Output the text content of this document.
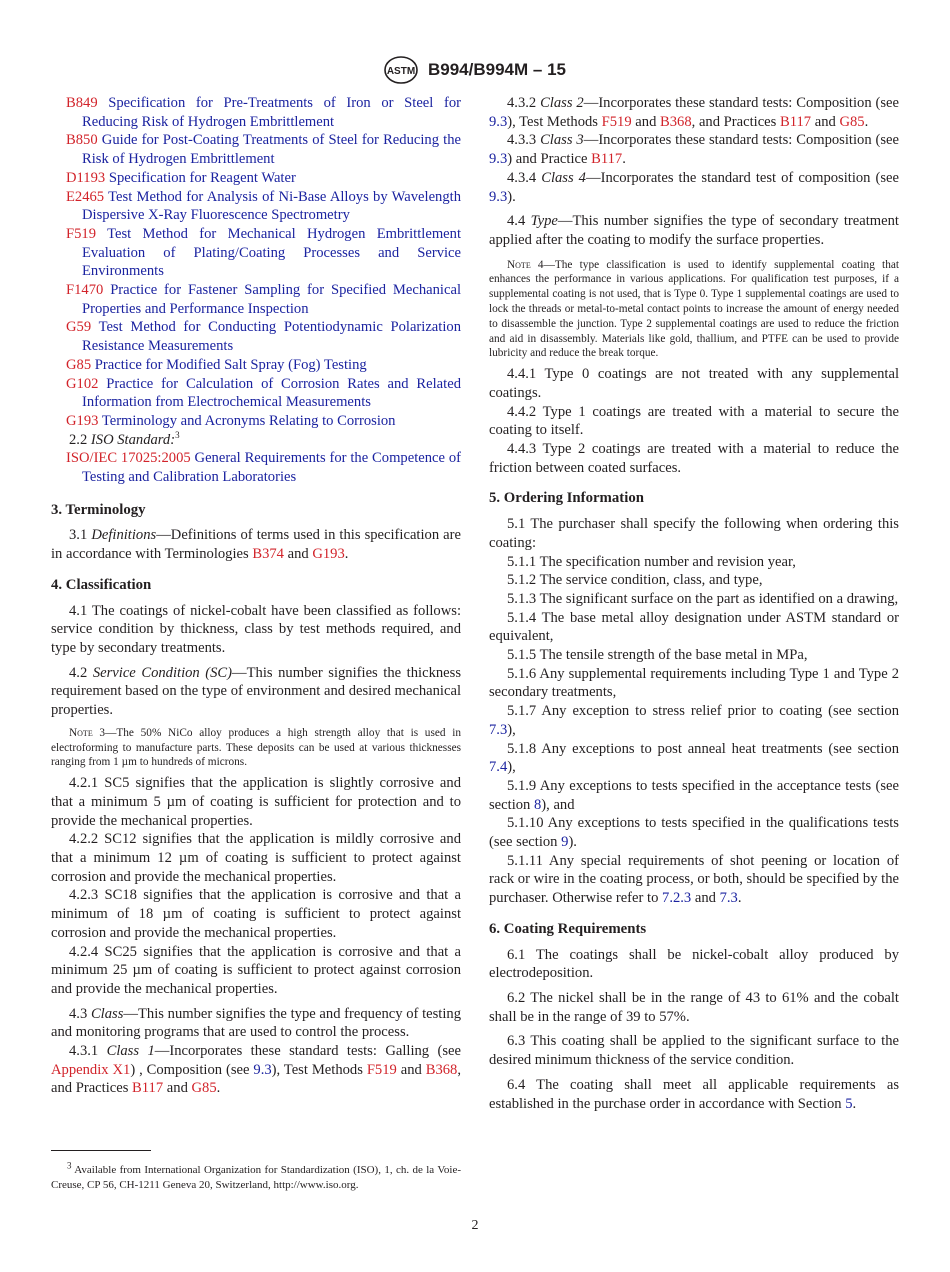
ASTM B994/B994M – 15

B849 Specification for Pre-Treatments of Iron or Steel for Reducing Risk of Hydrogen Embrittlement

B850 Guide for Post-Coating Treatments of Steel for Reducing the Risk of Hydrogen Embrittlement

D1193 Specification for Reagent Water

E2465 Test Method for Analysis of Ni-Base Alloys by Wavelength Dispersive X-Ray Fluorescence Spectrometry

F519 Test Method for Mechanical Hydrogen Embrittlement Evaluation of Plating/Coating Processes and Service Environments

F1470 Practice for Fastener Sampling for Specified Mechanical Properties and Performance Inspection

G59 Test Method for Conducting Potentiodynamic Polarization Resistance Measurements

G85 Practice for Modified Salt Spray (Fog) Testing

G102 Practice for Calculation of Corrosion Rates and Related Information from Electrochemical Measurements

G193 Terminology and Acronyms Relating to Corrosion

2.2 ISO Standard:$^3$

ISO/IEC 17025:2005 General Requirements for the Competence of Testing and Calibration Laboratories

3. Terminology

3.1 Definitions—Definitions of terms used in this specification are in accordance with Terminologies B374 and G193.

4. Classification

4.1 The coatings of nickel-cobalt have been classified as follows: service condition by thickness, class by test methods required, and type by secondary treatments.

4.2 Service Condition (SC)—This number signifies the thickness requirement based on the type of environment and desired mechanical properties.

Note 3—The 50% NiCo alloy produces a high strength alloy that is used in electroforming to manufacture parts. These deposits can be used at various thicknesses ranging from 1 µm to hundreds of microns.

4.2.1 SC5 signifies that the application is slightly corrosive and that a minimum 5 µm of coating is sufficient for protection and to provide the mechanical properties.

4.2.2 SC12 signifies that the application is mildly corrosive and that a minimum 12 µm of coating is sufficient to protect against corrosion and provide the mechanical properties.

4.2.3 SC18 signifies that the application is corrosive and that a minimum of 18 µm of coating is sufficient to protect against corrosion and provide the mechanical properties.

4.2.4 SC25 signifies that the application is corrosive and that a minimum 25 µm of coating is sufficient to protect against corrosion and provide the mechanical properties.

4.3 Class—This number signifies the type and frequency of testing and monitoring programs that are used to control the process.

4.3.1 Class 1—Incorporates these standard tests: Galling (see Appendix X1) , Composition (see 9.3), Test Methods F519 and B368, and Practices B117 and G85.

4.3.2 Class 2—Incorporates these standard tests: Composition (see 9.3), Test Methods F519 and B368, and Practices B117 and G85.

4.3.3 Class 3—Incorporates these standard tests: Composition (see 9.3) and Practice B117.

4.3.4 Class 4—Incorporates the standard test of composition (see 9.3).

4.4 Type—This number signifies the type of secondary treatment applied after the coating to modify the surface properties.

Note 4—The type classification is used to identify supplemental coating that enhances the performance in various applications. For qualification test purposes, if a supplemental coating is not used, that is Type 0. Type 1 supplemental coatings are used to lock the threads or metal-to-metal contact points to increase the amount of energy needed to disassemble the junction. Type 2 supplemental coatings are used to reduce the friction and aid in disassembly. Materials like gold, thallium, and PTFE can be used to provide lubricity and reduce the break torque.

4.4.1 Type 0 coatings are not treated with any supplemental coatings.

4.4.2 Type 1 coatings are treated with a material to secure the coating to itself.

4.4.3 Type 2 coatings are treated with a material to reduce the friction between coated surfaces.

5. Ordering Information

5.1 The purchaser shall specify the following when ordering this coating:

5.1.1 The specification number and revision year,

5.1.2 The service condition, class, and type,

5.1.3 The significant surface on the part as identified on a drawing,

5.1.4 The base metal alloy designation under ASTM standard or equivalent,

5.1.5 The tensile strength of the base metal in MPa,

5.1.6 Any supplemental requirements including Type 1 and Type 2 secondary treatments,

5.1.7 Any exception to stress relief prior to coating (see section 7.3),

5.1.8 Any exceptions to post anneal heat treatments (see section 7.4),

5.1.9 Any exceptions to tests specified in the acceptance tests (see section 8), and

5.1.10 Any exceptions to tests specified in the qualifications tests (see section 9).

5.1.11 Any special requirements of shot peening or location of rack or wire in the coating process, or both, should be specified by the purchaser. Otherwise refer to 7.2.3 and 7.3.

6. Coating Requirements

6.1 The coatings shall be nickel-cobalt alloy produced by electrodeposition.

6.2 The nickel shall be in the range of 43 to 61% and the cobalt shall be in the range of 39 to 57%.

6.3 This coating shall be applied to the significant surface to the desired minimum thickness of the service condition.

6.4 The coating shall meet all applicable requirements as established in the purchase order in accordance with Section 5.

$^3$ Available from International Organization for Standardization (ISO), 1, ch. de la Voie-Creuse, CP 56, CH-1211 Geneva 20, Switzerland, http://www.iso.org.

2
